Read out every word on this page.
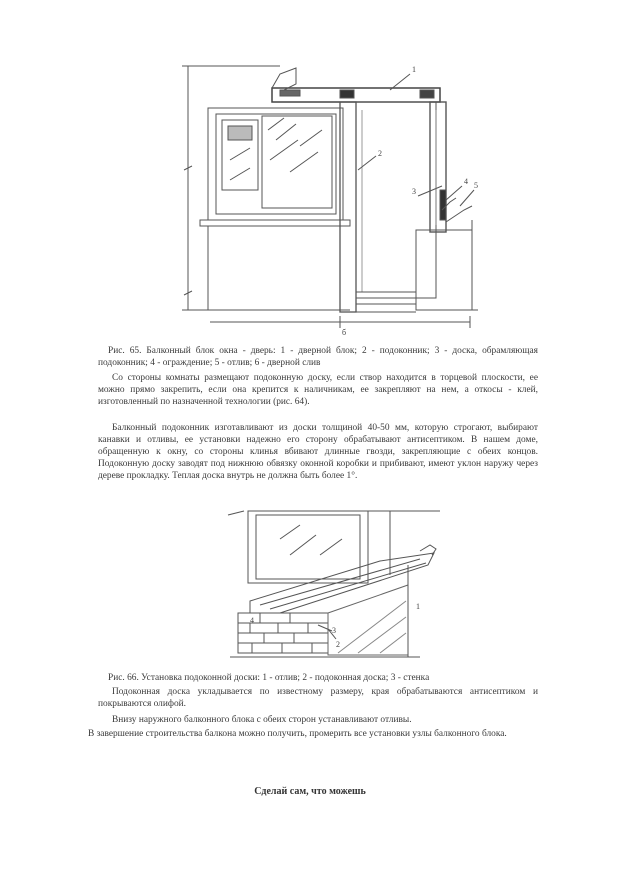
1
2
3
4 5
б
Рис. 65. Балконный блок окна - дверь: 1 - дверной блок; 2 - подоконник; 3 - доска, обрамляющая подоконник; 4 - ограждение; 5 - отлив; 6 - дверной слив
Со стороны комнаты размещают подоконную доску, если створ находится в торцевой плоскости, ее можно прямо закрепить, если она крепится к наличникам, ее закрепляют на нем, а откосы - клей, изготовленный по назначенной технологии (рис. 64).
Балконный подоконник изготавливают из доски толщиной 40-50 мм, которую строгают, выбирают канавки и отливы, ее установки надежно его сторону обрабатывают антисептиком. В нашем доме, обращенную к окну, со стороны клинья вбивают длинные гвозди, закрепляющие с обеих концов. Подоконную доску заводят под нижнюю обвязку оконной коробки и прибивают, имеют уклон наружу через дереве прокладку. Теплая доска внутрь не должна быть более 1°.
1
2
3
4
Рис. 66. Установка подоконной доски: 1 - отлив; 2 - подоконная доска; 3 - стенка
Подоконная доска укладывается по известному размеру, края обрабатываются антисептиком и покрываются олифой.
Внизу наружного балконного блока с обеих сторон устанавливают отливы.
В завершение строительства балкона можно получить, промерить все установки узлы балконного блока.
Сделай сам, что можешь
